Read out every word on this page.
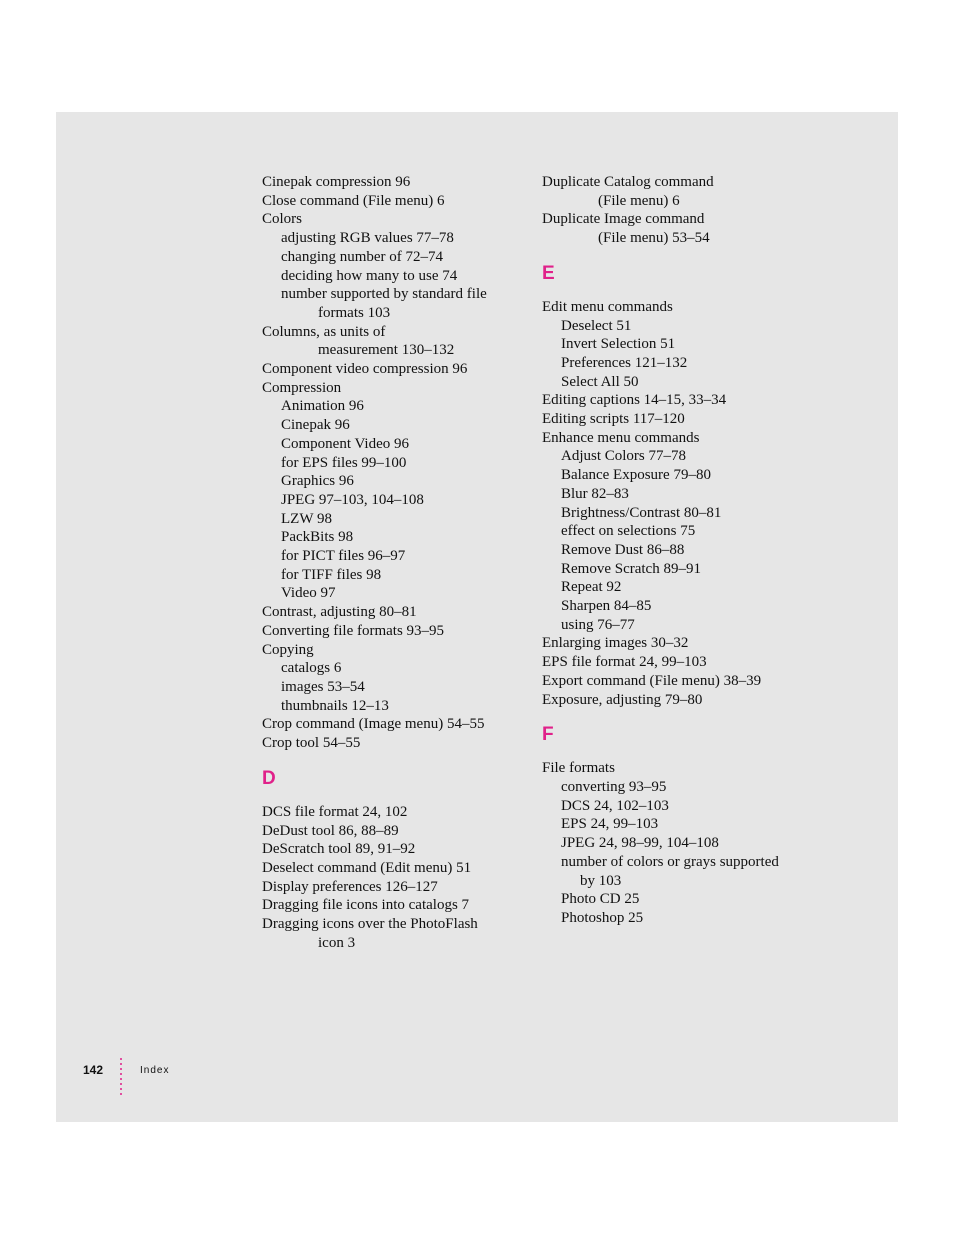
Cinepak compression 96
Close command (File menu) 6
Colors
adjusting RGB values 77–78
changing number of 72–74
deciding how many to use 74
number supported by standard file
formats 103
Columns, as units of
measurement 130–132
Component video compression 96
Compression
Animation 96
Cinepak 96
Component Video 96
for EPS files 99–100
Graphics 96
JPEG 97–103, 104–108
LZW 98
PackBits 98
for PICT files 96–97
for TIFF files 98
Video 97
Contrast, adjusting 80–81
Converting file formats 93–95
Copying
catalogs 6
images 53–54
thumbnails 12–13
Crop command (Image menu) 54–55
Crop tool 54–55
D
DCS file format 24, 102
DeDust tool 86, 88–89
DeScratch tool 89, 91–92
Deselect command (Edit menu) 51
Display preferences 126–127
Dragging file icons into catalogs 7
Dragging icons over the PhotoFlash
icon 3
Duplicate Catalog command
(File menu) 6
Duplicate Image command
(File menu) 53–54
E
Edit menu commands
Deselect 51
Invert Selection 51
Preferences 121–132
Select All 50
Editing captions 14–15, 33–34
Editing scripts 117–120
Enhance menu commands
Adjust Colors 77–78
Balance Exposure 79–80
Blur 82–83
Brightness/Contrast 80–81
effect on selections 75
Remove Dust 86–88
Remove Scratch 89–91
Repeat 92
Sharpen 84–85
using 76–77
Enlarging images 30–32
EPS file format 24, 99–103
Export command (File menu) 38–39
Exposure, adjusting 79–80
F
File formats
converting 93–95
DCS 24, 102–103
EPS 24, 99–103
JPEG 24, 98–99, 104–108
number of colors or grays supported
by 103
Photo CD 25
Photoshop 25
142	Index
